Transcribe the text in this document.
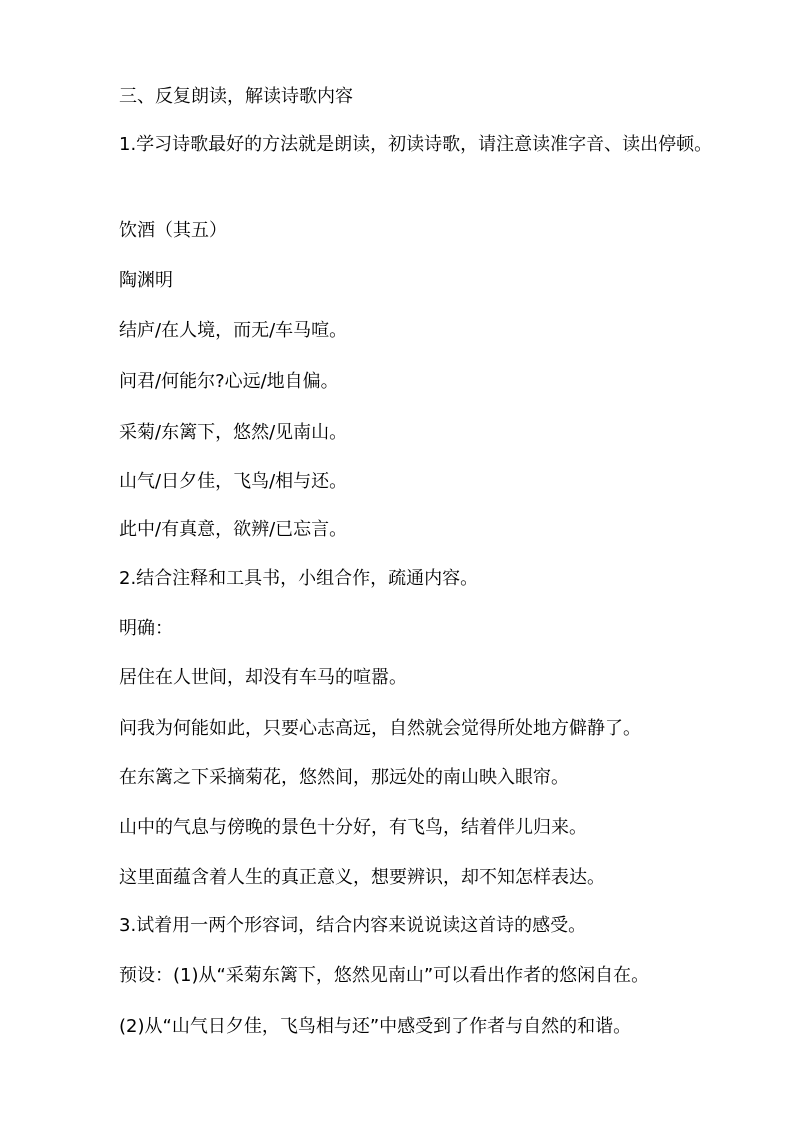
三、反复朗读，解读诗歌内容

1.学习诗歌最好的方法就是朗读，初读诗歌，请注意读准字音、读出停顿。

饮酒（其五）

陶渊明

结庐/在人境，而无/车马喧。

问君/何能尔?心远/地自偏。

采菊/东篱下，悠然/见南山。

山气/日夕佳，飞鸟/相与还。

此中/有真意，欲辨/已忘言。

2.结合注释和工具书，小组合作，疏通内容。

明确：

居住在人世间，却没有车马的喧嚣。

问我为何能如此，只要心志高远，自然就会觉得所处地方僻静了。

在东篱之下采摘菊花，悠然间，那远处的南山映入眼帘。

山中的气息与傍晚的景色十分好，有飞鸟，结着伴儿归来。

这里面蕴含着人生的真正意义，想要辨识，却不知怎样表达。

3.试着用一两个形容词，结合内容来说说读这首诗的感受。

预设：(1)从“采菊东篱下，悠然见南山”可以看出作者的悠闲自在。

(2)从“山气日夕佳，飞鸟相与还”中感受到了作者与自然的和谐。
